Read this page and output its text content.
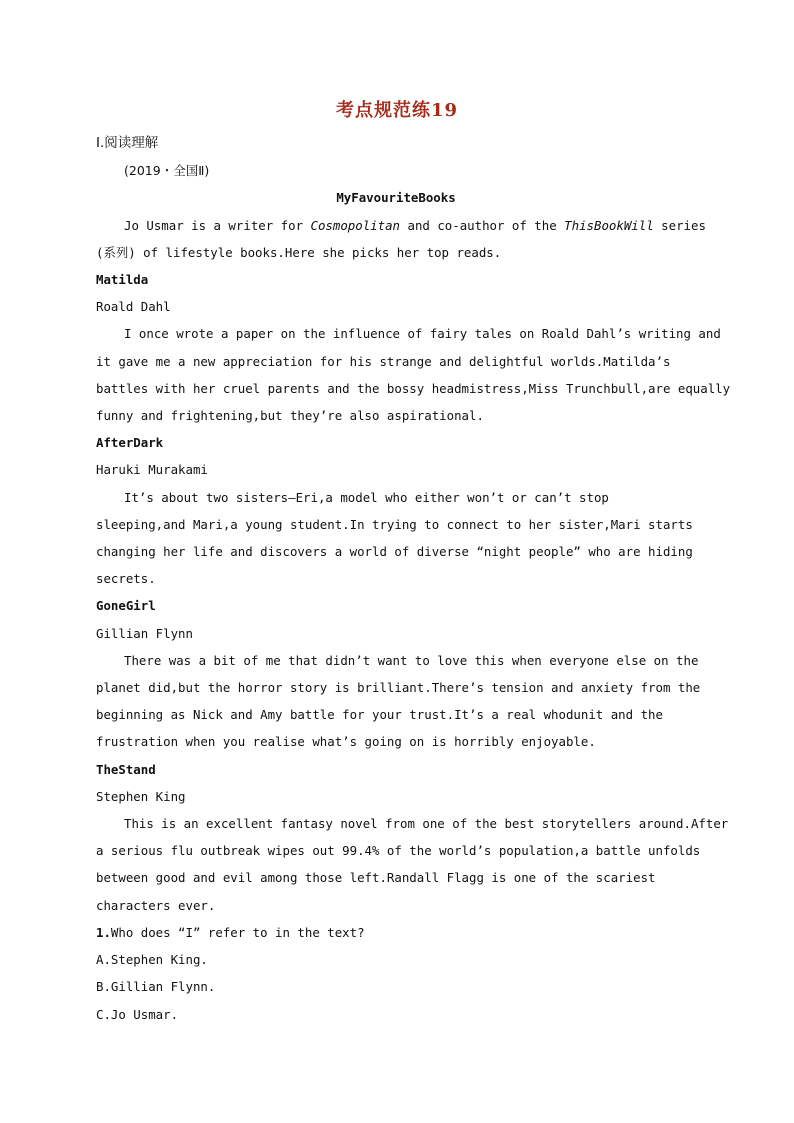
考点规范练19
Ⅰ.阅读理解
(2019・全国Ⅱ)
MyFavouriteBooks
Jo Usmar is a writer for Cosmopolitan and co-author of the ThisBookWill series
(系列) of lifestyle books.Here she picks her top reads.
Matilda
Roald Dahl
I once wrote a paper on the influence of fairy tales on Roald Dahl’s writing and
it gave me a new appreciation for his strange and delightful worlds.Matilda’s
battles with her cruel parents and the bossy headmistress,Miss Trunchbull,are equally
funny and frightening,but they’re also aspirational.
AfterDark
Haruki Murakami
It’s about two sisters—Eri,a model who either won’t or can’t stop
sleeping,and Mari,a young student.In trying to connect to her sister,Mari starts
changing her life and discovers a world of diverse “night people” who are hiding
secrets.
GoneGirl
Gillian Flynn
There was a bit of me that didn’t want to love this when everyone else on the
planet did,but the horror story is brilliant.There’s tension and anxiety from the
beginning as Nick and Amy battle for your trust.It’s a real whodunit and the
frustration when you realise what’s going on is horribly enjoyable.
TheStand
Stephen King
This is an excellent fantasy novel from one of the best storytellers around.After
a serious flu outbreak wipes out 99.4% of the world’s population,a battle unfolds
between good and evil among those left.Randall Flagg is one of the scariest
characters ever.
1.Who does “I” refer to in the text?
A.Stephen King.
B.Gillian Flynn.
C.Jo Usmar.
